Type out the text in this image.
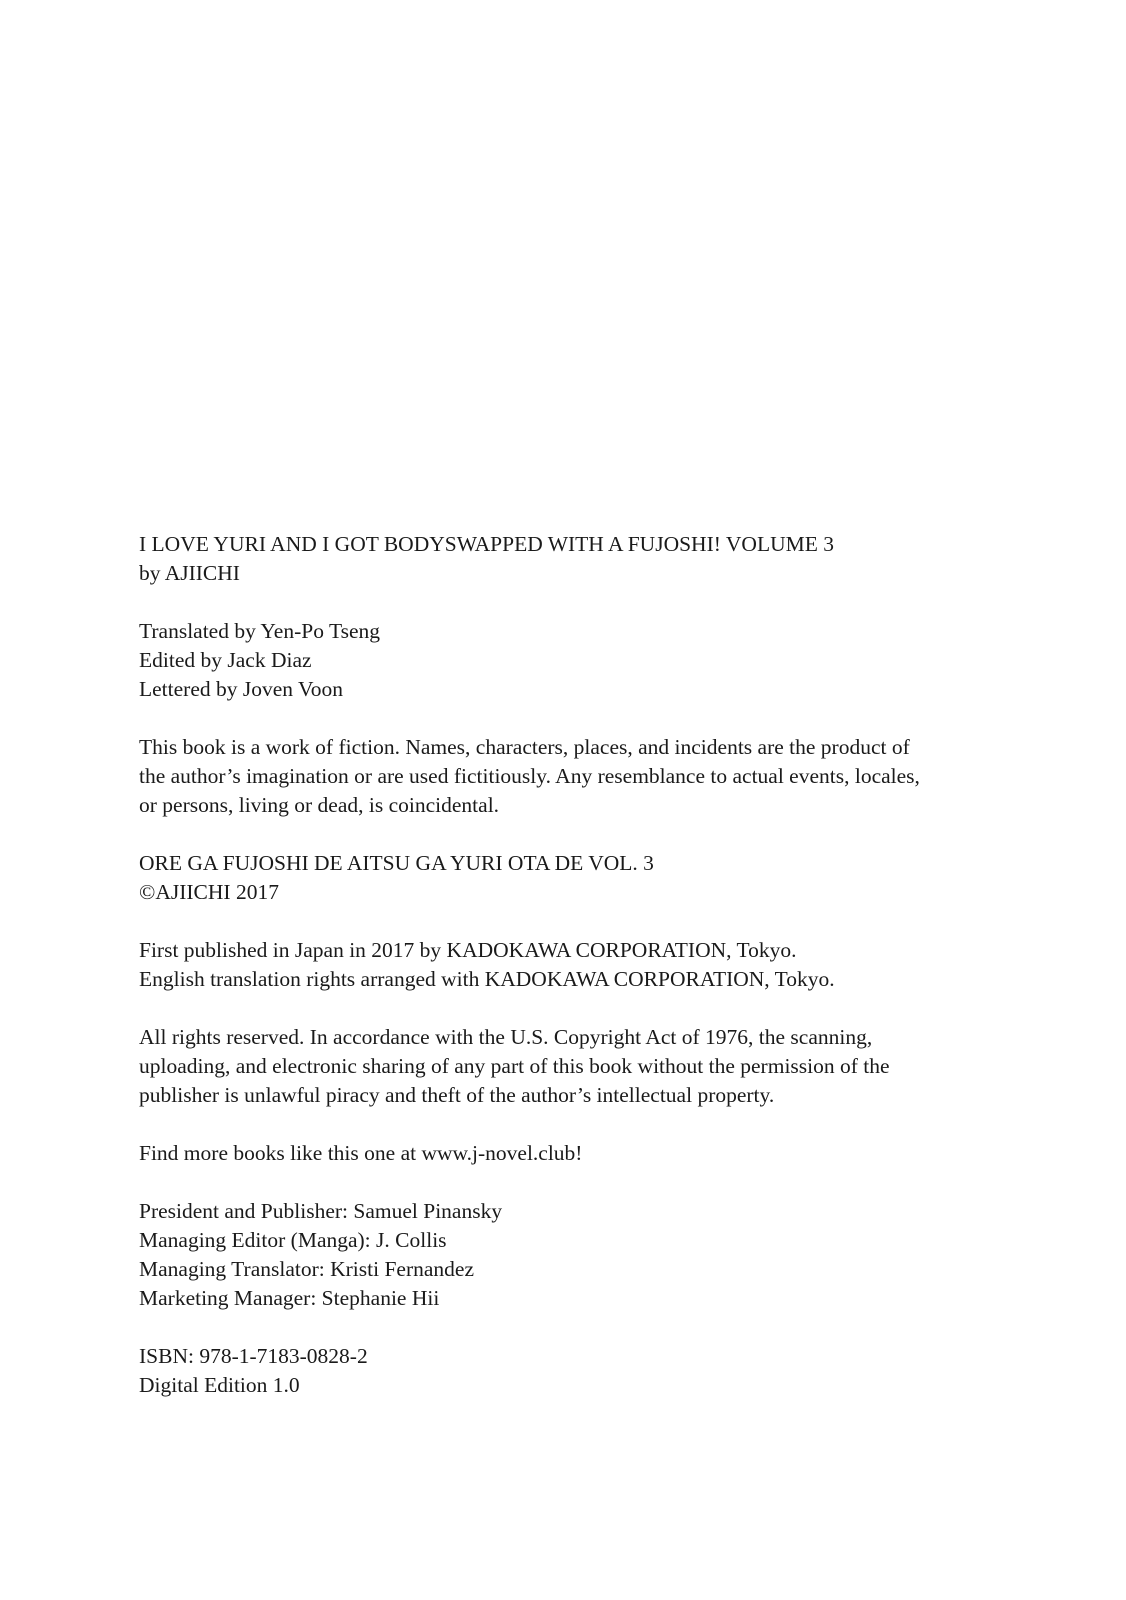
I LOVE YURI AND I GOT BODYSWAPPED WITH A FUJOSHI! VOLUME 3
by AJIICHI
Translated by Yen-Po Tseng
Edited by Jack Diaz
Lettered by Joven Voon
This book is a work of fiction. Names, characters, places, and incidents are the product of
the author’s imagination or are used fictitiously. Any resemblance to actual events, locales,
or persons, living or dead, is coincidental.
ORE GA FUJOSHI DE AITSU GA YURI OTA DE VOL. 3
©AJIICHI 2017
First published in Japan in 2017 by KADOKAWA CORPORATION, Tokyo.
English translation rights arranged with KADOKAWA CORPORATION, Tokyo.
All rights reserved. In accordance with the U.S. Copyright Act of 1976, the scanning,
uploading, and electronic sharing of any part of this book without the permission of the
publisher is unlawful piracy and theft of the author’s intellectual property.
Find more books like this one at www.j-novel.club!
President and Publisher: Samuel Pinansky
Managing Editor (Manga): J. Collis
Managing Translator: Kristi Fernandez
Marketing Manager: Stephanie Hii
ISBN: 978-1-7183-0828-2
Digital Edition 1.0
